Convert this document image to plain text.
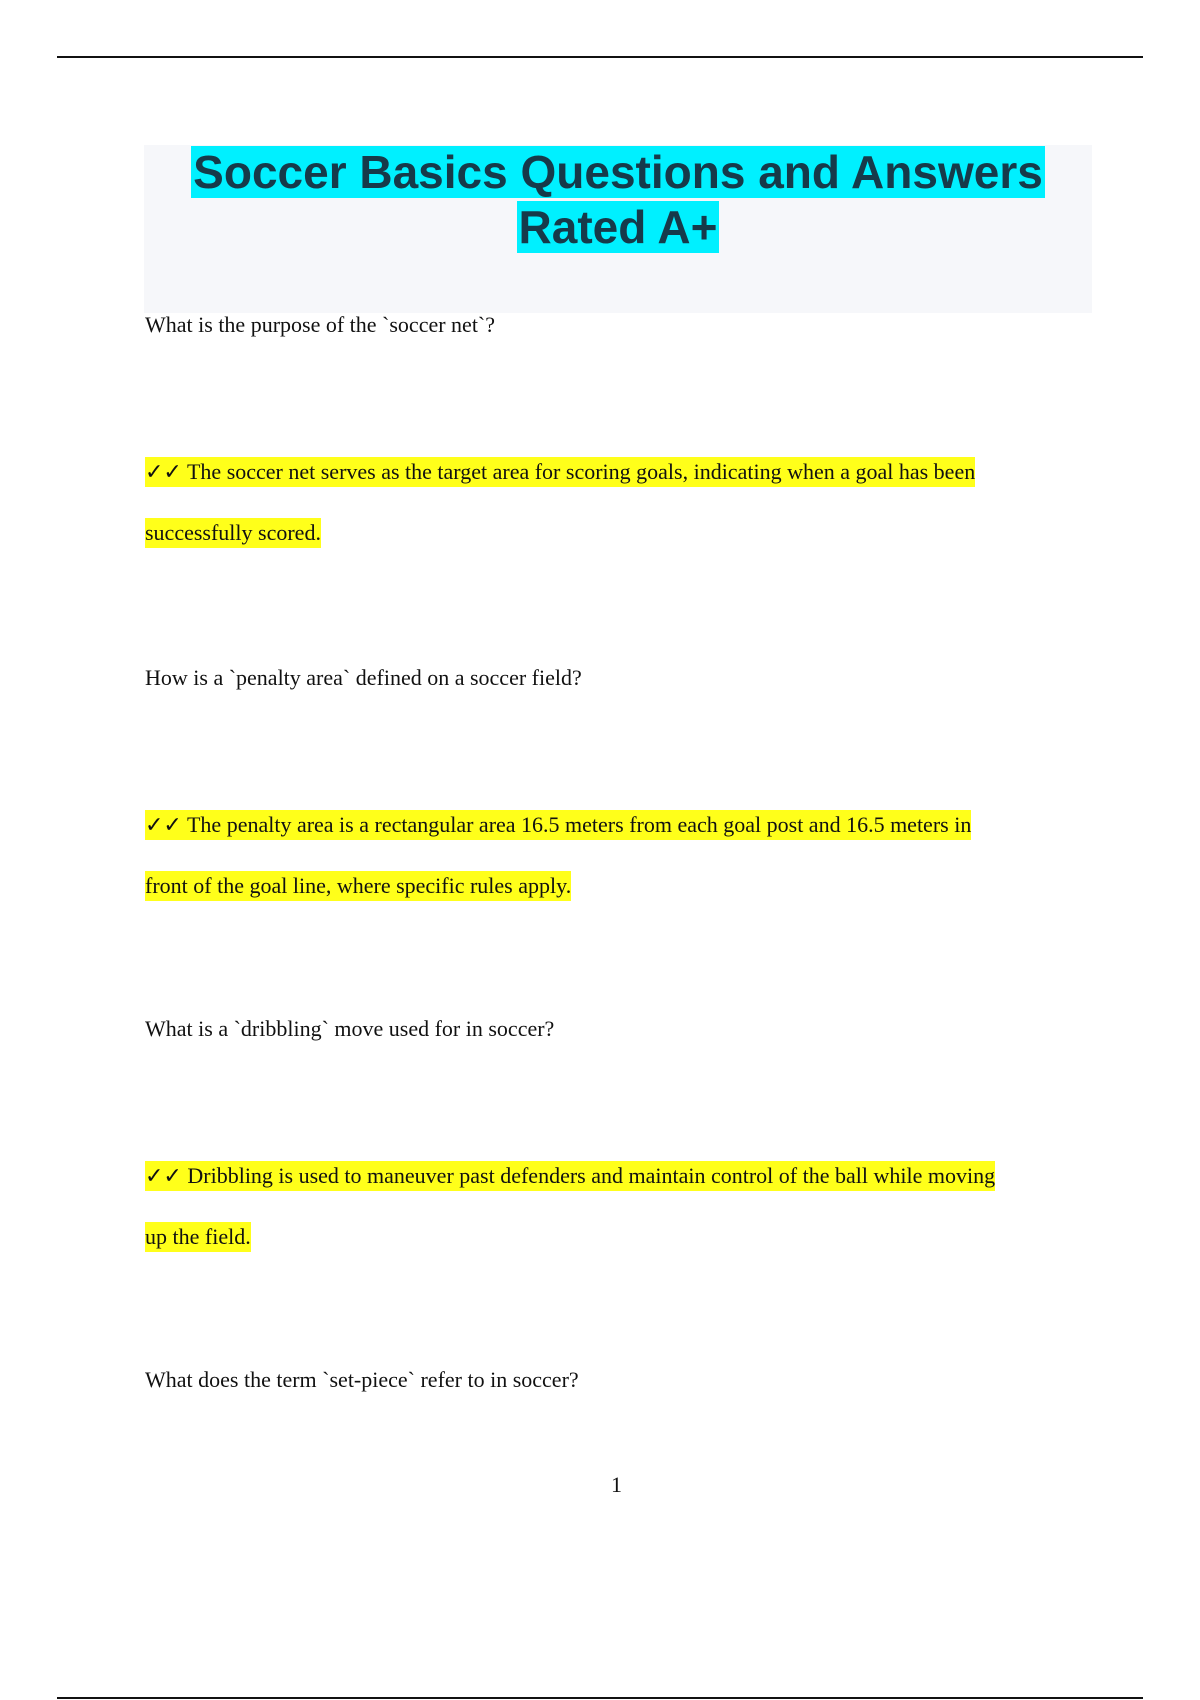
Soccer Basics Questions and Answers
Rated A+

What is the purpose of the `soccer net`?

✓✓ The soccer net serves as the target area for scoring goals, indicating when a goal has been

successfully scored.

How is a `penalty area` defined on a soccer field?

✓✓ The penalty area is a rectangular area 16.5 meters from each goal post and 16.5 meters in

front of the goal line, where specific rules apply.

What is a `dribbling` move used for in soccer?

✓✓ Dribbling is used to maneuver past defenders and maintain control of the ball while moving

up the field.

What does the term `set-piece` refer to in soccer?

1
